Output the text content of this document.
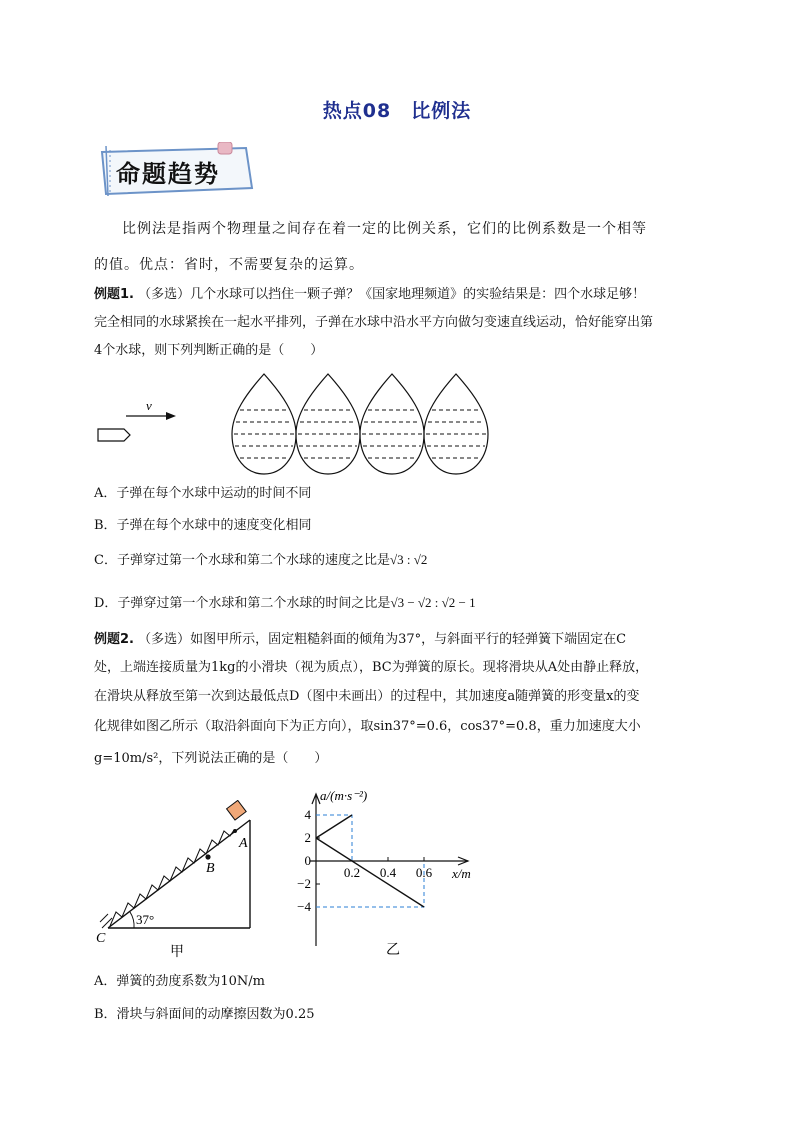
热点08　比例法
命题趋势
比例法是指两个物理量之间存在着一定的比例关系，它们的比例系数是一个相等
的值。优点：省时，不需要复杂的运算。
例题1. （多选）几个水球可以挡住一颗子弹？《国家地理频道》的实验结果是：四个水球足够！
完全相同的水球紧挨在一起水平排列，子弹在水球中沿水平方向做匀变速直线运动，恰好能穿出第
4个水球，则下列判断正确的是（　　）
v
A．子弹在每个水球中运动的时间不同
B．子弹在每个水球中的速度变化相同
C．子弹穿过第一个水球和第二个水球的速度之比是√3 : √2
D．子弹穿过第一个水球和第二个水球的时间之比是√3 − √2 : √2 − 1
例题2. （多选）如图甲所示，固定粗糙斜面的倾角为37°，与斜面平行的轻弹簧下端固定在C
处，上端连接质量为1kg的小滑块（视为质点），BC为弹簧的原长。现将滑块从A处由静止释放，
在滑块从释放至第一次到达最低点D（图中未画出）的过程中，其加速度a随弹簧的形变量x的变
化规律如图乙所示（取沿斜面向下为正方向），取sin37°=0.6，cos37°=0.8，重力加速度大小
g=10m/s²，下列说法正确的是（　　）
37°
A
B
C
甲
a/(m·s⁻²)
x/m
4
2
0
−2
−4
0.2 0.4 0.6
乙
A．弹簧的劲度系数为10N/m
B．滑块与斜面间的动摩擦因数为0.25
